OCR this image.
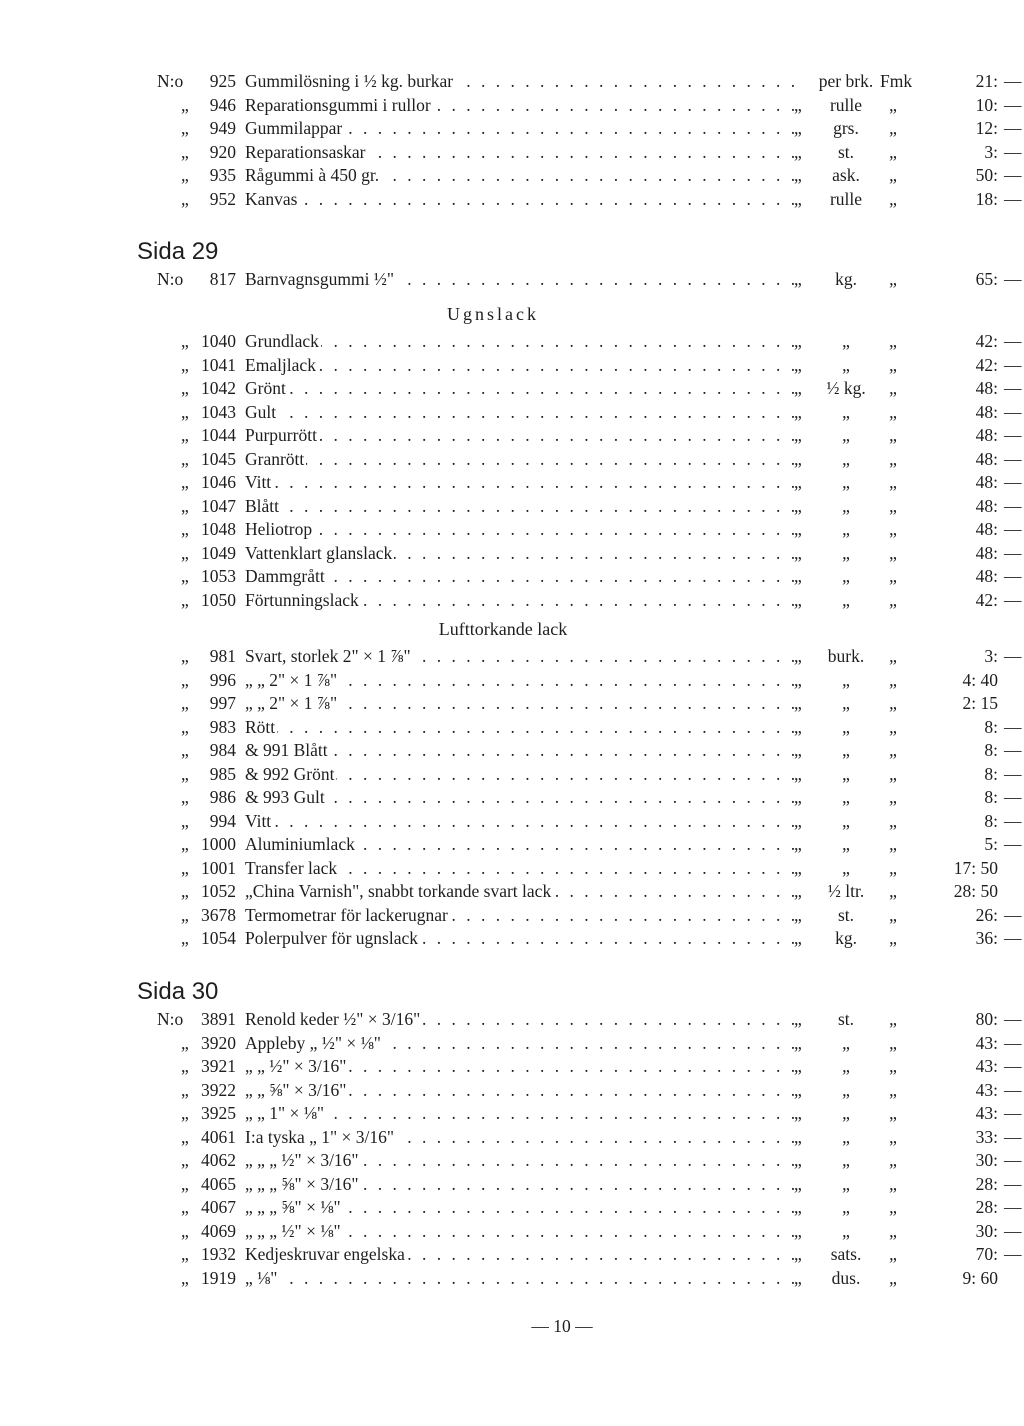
N:o	925 Gummilösning i ½ kg. burkar . . .	per brk. Fmk	21: —
„	946 Reparationsgummi i rullor . . .	„	rulle	„	10: —
„	949 Gummilappar . . .	„	grs.	„	12: —
„	920 Reparationsaskar . . .	„	st.	„	3: —
„	935 Rågummi à 450 gr. . . .	„	ask.	„	50: —
„	952 Kanvas . . .	„	rulle	„	18: —
Sida 29
N:o	817 Barnvagnsgummi ½" . . .	„	kg.	„	65: —
Ugnslack
„ 1040 Grundlack . . .	„	„	„	42: —
„ 1041 Emaljlack . . .	„	„	„	42: —
„ 1042 Grönt . . .	„	½ kg.	„	48: —
„ 1043 Gult . . .	„	„	„	48: —
„ 1044 Purpurrött . . .	„	„	„	48: —
„ 1045 Granrött . . .	„	„	„	48: —
„ 1046 Vitt . . .	„	„	„	48: —
„ 1047 Blått . . .	„	„	„	48: —
„ 1048 Heliotrop . . .	„	„	„	48: —
„ 1049 Vattenklart glanslack . . .	„	„	„	48: —
„ 1053 Dammgrått . . .	„	„	„	48: —
„ 1050 Förtunningslack . . .	„	„	„	42: —
Lufttorkande lack
„	981 Svart, storlek 2" × 1 ⅞" . . .	„	burk.	„	3: —
„	996 „ „ 2" × 1 ⅞" . . .	„	„	„	4: 40
„	997 „ „ 2" × 1 ⅞" . . .	„	„	„	2: 15
„	983 Rött . . .	„	„	„	8: —
„	984 & 991 Blått . . .	„	„	„	8: —
„	985 & 992 Grönt . . .	„	„	„	8: —
„	986 & 993 Gult . . .	„	„	„	8: —
„	994 Vitt . . .	„	„	„	8: —
„ 1000 Aluminiumlack . . .	„	„	„	5: —
„ 1001 Transfer lack . . .	„	„	„	17: 50
„ 1052 „China Varnish", snabbt torkande svart lack . . .	„	½ ltr.	„	28: 50
„ 3678 Termometrar för lackerugnar . . .	„	st.	„	26: —
„ 1054 Polerpulver för ugnslack . . .	„	kg.	„	36: —
Sida 30
N:o	3891 Renold keder ½" × 3/16" . . .	„	st.	„	80: —
„ 3920 Appleby „ ½" × ⅛" . . .	„	„	„	43: —
„ 3921 „ „ ½" × 3/16" . . .	„	„	„	43: —
„ 3922 „ „ ⅝" × 3/16" . . .	„	„	„	43: —
„ 3925 „ „ 1" × ⅛" . . .	„	„	„	43: —
„ 4061 I:a tyska „ 1" × 3/16" . . .	„	„	„	33: —
„ 4062 „ „ „ ½" × 3/16" . . .	„	„	„	30: —
„ 4065 „ „ „ ⅝" × 3/16" . . .	„	„	„	28: —
„ 4067 „ „ „ ⅝" × ⅛" . . .	„	„	„	28: —
„ 4069 „ „ „ ½" × ⅛" . . .	„	„	„	30: —
„ 1932 Kedjeskruvar engelska . . .	„	sats.	„	70: —
„ 1919 „ ⅛" . . .	„	dus.	„	9: 60
— 10 —
